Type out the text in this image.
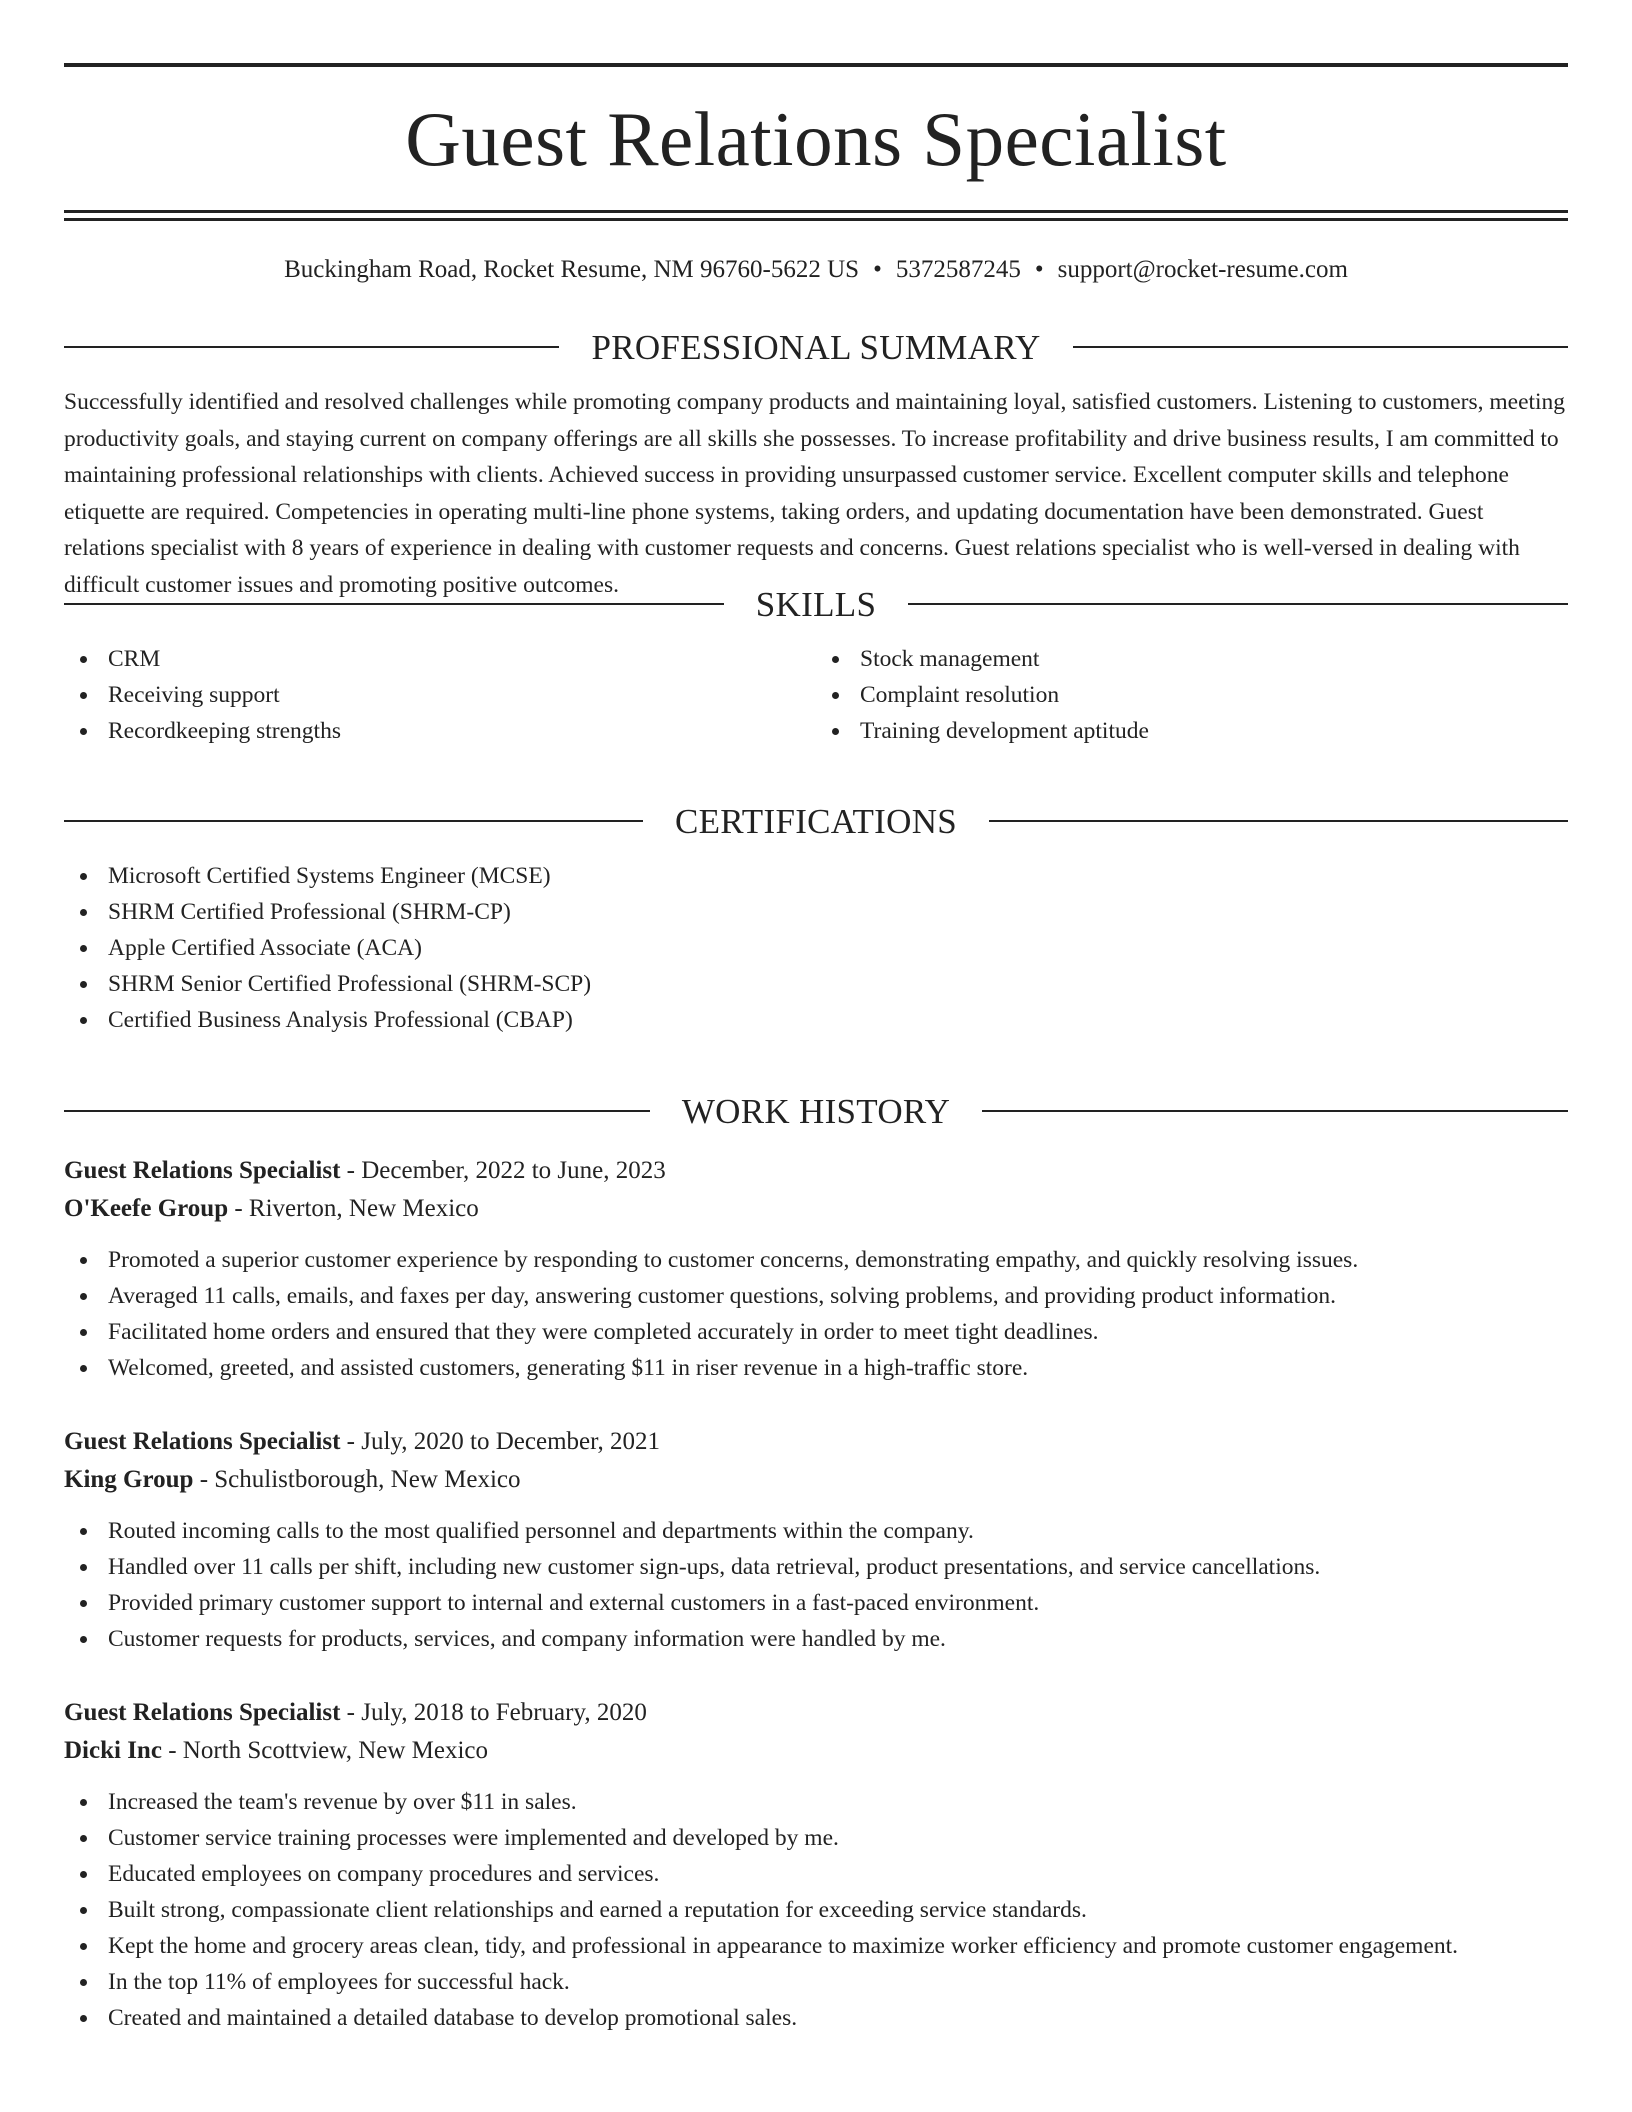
Guest Relations Specialist
Buckingham Road, Rocket Resume, NM 96760-5622 US • 5372587245 • support@rocket-resume.com
PROFESSIONAL SUMMARY

Successfully identified and resolved challenges while promoting company products and maintaining loyal, satisfied customers. Listening to customers, meeting productivity goals, and staying current on company offerings are all skills she possesses. To increase profitability and drive business results, I am committed to maintaining professional relationships with clients. Achieved success in providing unsurpassed customer service. Excellent computer skills and telephone etiquette are required. Competencies in operating multi-line phone systems, taking orders, and updating documentation have been demonstrated. Guest relations specialist with 8 years of experience in dealing with customer requests and concerns. Guest relations specialist who is well-versed in dealing with difficult customer issues and promoting positive outcomes.	SKILLS
CRM
Receiving support
Recordkeeping strengths
Stock management
Complaint resolution
Training development aptitude
CERTIFICATIONS
Microsoft Certified Systems Engineer (MCSE)
SHRM Certified Professional (SHRM-CP)
Apple Certified Associate (ACA)
SHRM Senior Certified Professional (SHRM-SCP)
Certified Business Analysis Professional (CBAP)
WORK HISTORY
Guest Relations Specialist - December, 2022 to June, 2023
O'Keefe Group - Riverton, New Mexico
Promoted a superior customer experience by responding to customer concerns, demonstrating empathy, and quickly resolving issues.
Averaged 11 calls, emails, and faxes per day, answering customer questions, solving problems, and providing product information.
Facilitated home orders and ensured that they were completed accurately in order to meet tight deadlines.
Welcomed, greeted, and assisted customers, generating $11 in riser revenue in a high-traffic store.
Guest Relations Specialist - July, 2020 to December, 2021
King Group - Schulistborough, New Mexico
Routed incoming calls to the most qualified personnel and departments within the company.
Handled over 11 calls per shift, including new customer sign-ups, data retrieval, product presentations, and service cancellations.
Provided primary customer support to internal and external customers in a fast-paced environment.
Customer requests for products, services, and company information were handled by me.
Guest Relations Specialist - July, 2018 to February, 2020
Dicki Inc - North Scottview, New Mexico
Increased the team's revenue by over $11 in sales.
Customer service training processes were implemented and developed by me.
Educated employees on company procedures and services.
Built strong, compassionate client relationships and earned a reputation for exceeding service standards.
Kept the home and grocery areas clean, tidy, and professional in appearance to maximize worker efficiency and promote customer engagement.
In the top 11% of employees for successful hack.
Created and maintained a detailed database to develop promotional sales.
